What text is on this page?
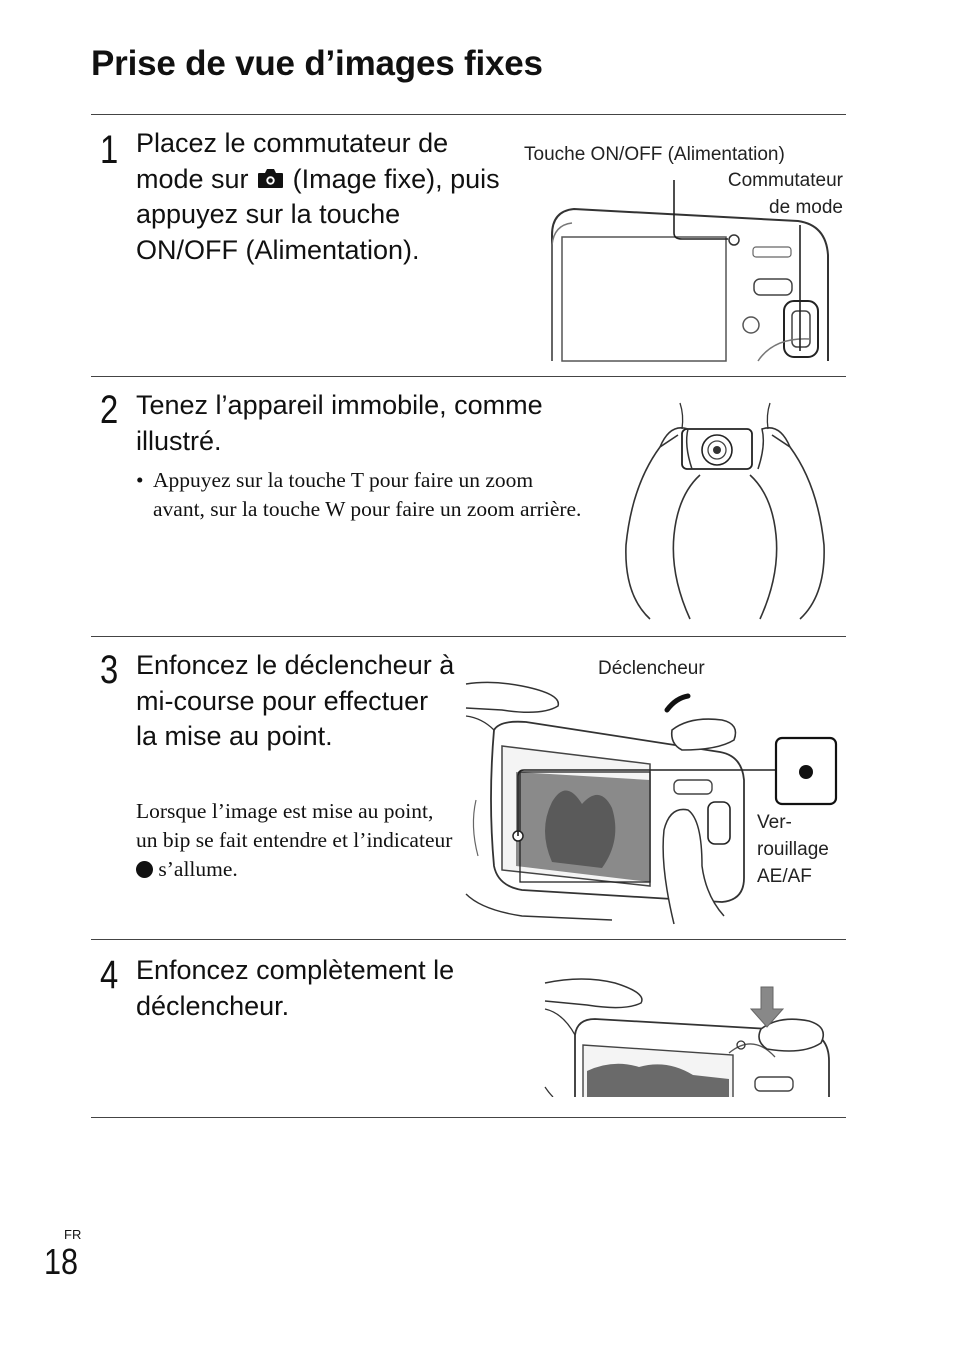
Prise de vue d’images fixes
1 Placez le commutateur de mode sur (Image fixe), puis appuyez sur la touche ON/OFF (Alimentation).
Touche ON/OFF (Alimentation)
Commutateur
de mode
2 Tenez l’appareil immobile, comme illustré.
• Appuyez sur la touche T pour faire un zoom avant, sur la touche W pour faire un zoom arrière.
3 Enfoncez le déclencheur à mi-course pour effectuer la mise au point.
Lorsque l’image est mise au point, un bip se fait entendre et l’indicateur  s’allume.
Déclencheur
Ver-
rouillage
AE/AF
4 Enfoncez complètement le déclencheur.
FR
18
